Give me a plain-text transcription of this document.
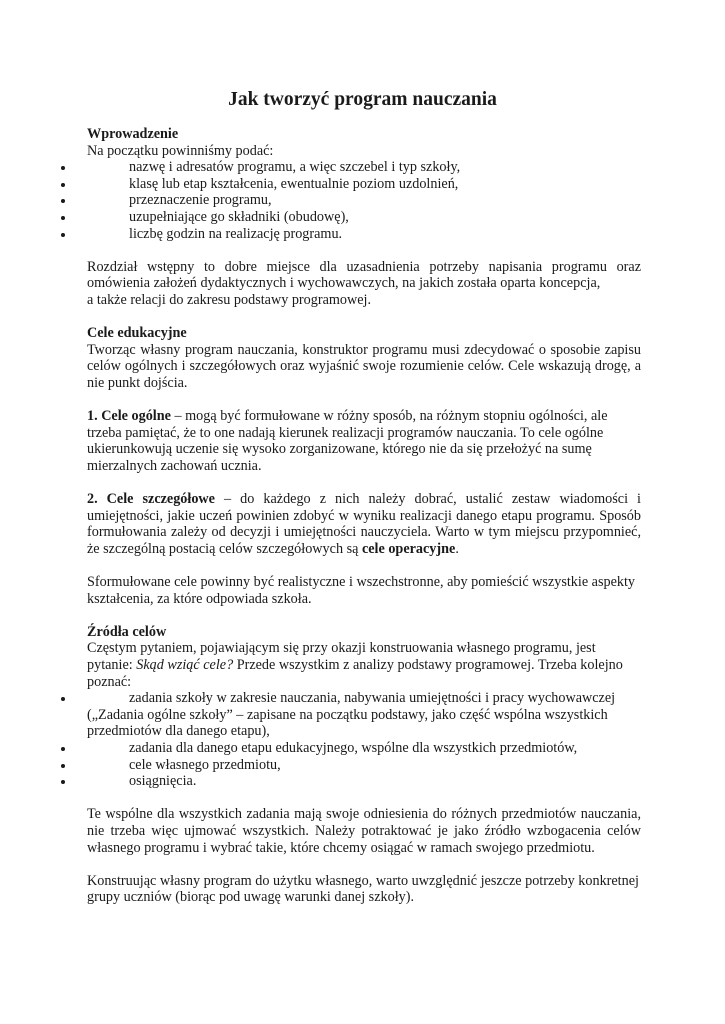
Jak tworzyć program nauczania

Wprowadzenie

Na początku powinniśmy podać:

nazwę i adresatów programu, a więc szczebel i typ szkoły,
klasę lub etap kształcenia, ewentualnie poziom uzdolnień,
przeznaczenie programu,
uzupełniające go składniki (obudowę),
liczbę godzin na realizację programu.
Rozdział wstępny to dobre miejsce dla uzasadnienia potrzeby napisania programu oraz
omówienia założeń dydaktycznych i wychowawczych, na jakich została oparta koncepcja,
a także relacji do zakresu podstawy programowej.

Cele edukacyjne

Tworząc własny program nauczania, konstruktor programu musi zdecydować o sposobie zapisu celów ogólnych i szczegółowych oraz wyjaśnić swoje rozumienie celów. Cele wskazują drogę, a nie punkt dojścia.

1. Cele ogólne – mogą być formułowane w różny sposób, na różnym stopniu ogólności, ale trzeba pamiętać, że to one nadają kierunek realizacji programów nauczania. To cele ogólne ukierunkowują uczenie się wysoko zorganizowane, którego nie da się przełożyć na sumę mierzalnych zachowań ucznia.

2. Cele szczegółowe – do każdego z nich należy dobrać, ustalić zestaw wiadomości i umiejętności, jakie uczeń powinien zdobyć w wyniku realizacji danego etapu programu. Sposób formułowania zależy od decyzji i umiejętności nauczyciela. Warto w tym miejscu przypomnieć, że szczególną postacią celów szczegółowych są cele operacyjne.

Sformułowane cele powinny być realistyczne i wszechstronne, aby pomieścić wszystkie aspekty kształcenia, za które odpowiada szkoła.

Źródła celów

Częstym pytaniem, pojawiającym się przy okazji konstruowania własnego programu, jest pytanie: Skąd wziąć cele? Przede wszystkim z analizy podstawy programowej. Trzeba kolejno poznać:

zadania szkoły w zakresie nauczania, nabywania umiejętności i pracy wychowawczej („Zadania ogólne szkoły” – zapisane na początku podstawy, jako część wspólna wszystkich przedmiotów dla danego etapu),
zadania dla danego etapu edukacyjnego, wspólne dla wszystkich przedmiotów,
cele własnego przedmiotu,
osiągnięcia.

Te wspólne dla wszystkich zadania mają swoje odniesienia do różnych przedmiotów nauczania, nie trzeba więc ujmować wszystkich. Należy potraktować je jako źródło wzbogacenia celów własnego programu i wybrać takie, które chcemy osiągać w ramach swojego przedmiotu.

Konstruując własny program do użytku własnego, warto uwzględnić jeszcze potrzeby konkretnej grupy uczniów (biorąc pod uwagę warunki danej szkoły).
